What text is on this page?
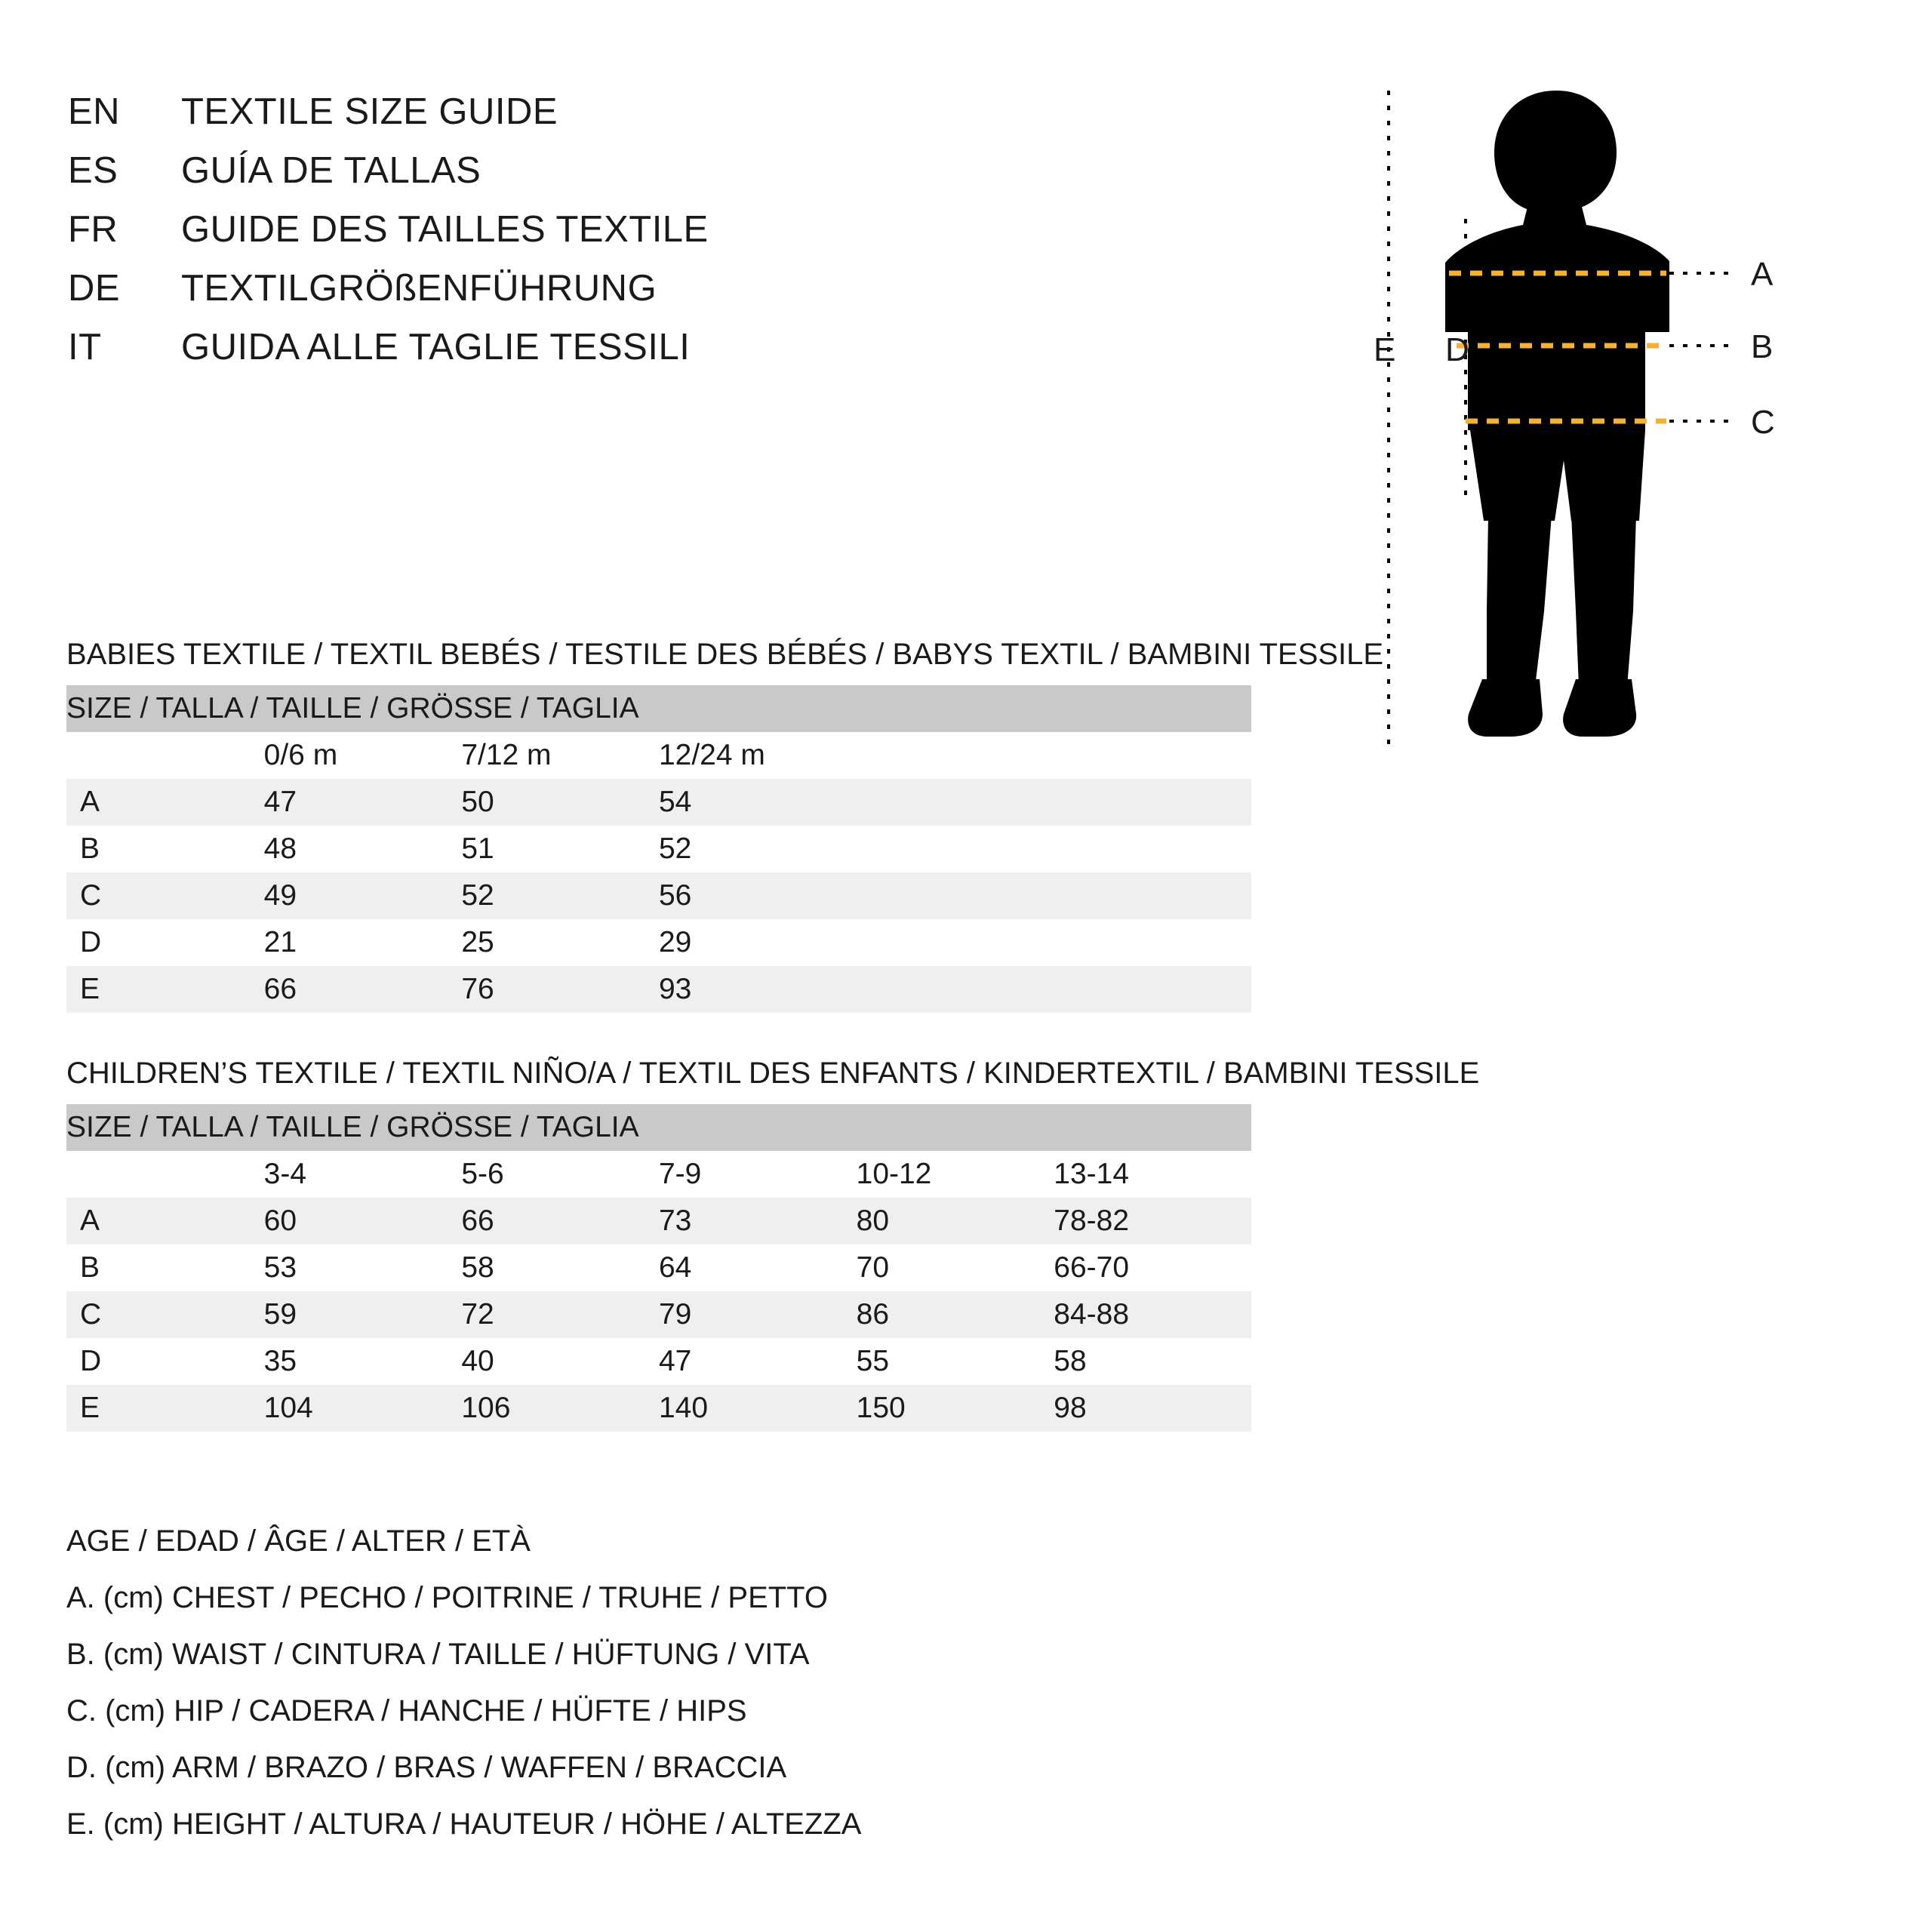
EN	TEXTILE SIZE GUIDE
ES	GUÍA DE TALLAS
FR	GUIDE DES TAILLES TEXTILE
DE	TEXTILGRÖßENFÜHRUNG
IT	GUIDA ALLE TAGLIE TESSILI
A
B
C
D
E
BABIES TEXTILE / TEXTIL BEBÉS / TESTILE DES BÉBÉS / BABYS TEXTIL / BAMBINI TESSILE
SIZE / TALLA / TAILLE / GRÖSSE / TAGLIA					
	0/6 m	7/12 m	12/24 m		
A	47	50	54		
B	48	51	52		
C	49	52	56		
D	21	25	29		
E	66	76	93		
CHILDREN’S TEXTILE / TEXTIL NIÑO/A / TEXTIL DES ENFANTS / KINDERTEXTIL / BAMBINI TESSILE
SIZE / TALLA / TAILLE / GRÖSSE / TAGLIA					
	3-4	5-6	7-9	10-12	13-14
A	60	66	73	80	78-82
B	53	58	64	70	66-70
C	59	72	79	86	84-88
D	35	40	47	55	58
E	104	106	140	150	98
AGE / EDAD / ÂGE / ALTER / ETÀ
A. (cm) CHEST / PECHO / POITRINE / TRUHE / PETTO
B. (cm) WAIST / CINTURA / TAILLE / HÜFTUNG / VITA
C. (cm) HIP / CADERA / HANCHE / HÜFTE / HIPS
D. (cm) ARM / BRAZO / BRAS / WAFFEN / BRACCIA
E. (cm) HEIGHT / ALTURA / HAUTEUR / HÖHE / ALTEZZA
